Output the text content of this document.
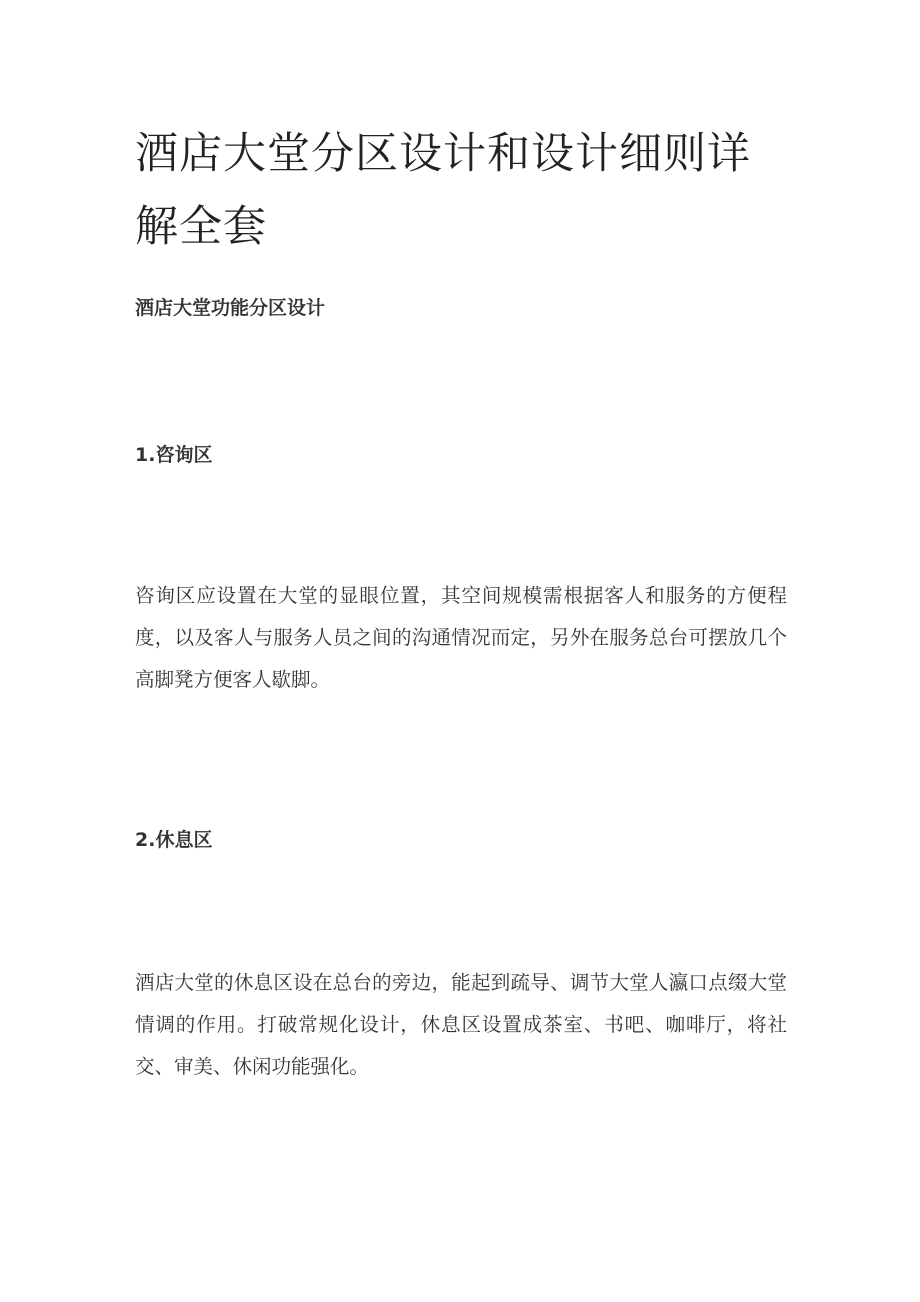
酒店大堂分区设计和设计细则详解全套
酒店大堂功能分区设计
1.咨询区

咨询区应设置在大堂的显眼位置，其空间规模需根据客人和服务的方便程度，以及客人与服务人员之间的沟通情况而定，另外在服务总台可摆放几个高脚凳方便客人歇脚。

2.休息区

酒店大堂的休息区设在总台的旁边，能起到疏导、调节大堂人瀛口点缀大堂情调的作用。打破常规化设计，休息区设置成茶室、书吧、咖啡厅，将社交、审美、休闲功能强化。
